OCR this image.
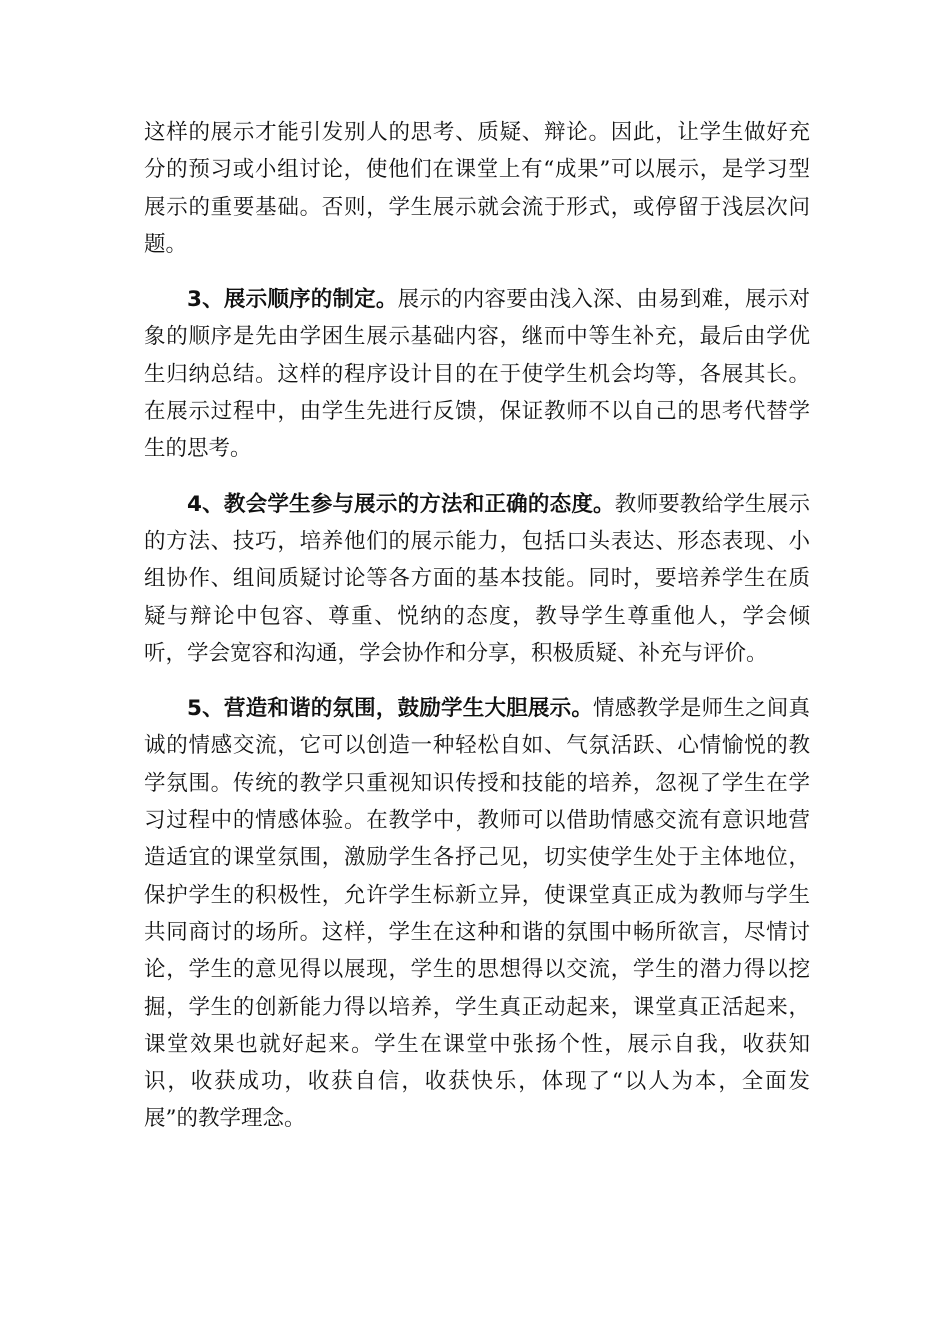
这样的展示才能引发别人的思考、质疑、辩论。因此，让学生做好充分的预习或小组讨论，使他们在课堂上有“成果”可以展示，是学习型展示的重要基础。否则，学生展示就会流于形式，或停留于浅层次问题。

3、展示顺序的制定。展示的内容要由浅入深、由易到难，展示对象的顺序是先由学困生展示基础内容，继而中等生补充，最后由学优生归纳总结。这样的程序设计目的在于使学生机会均等，各展其长。在展示过程中，由学生先进行反馈，保证教师不以自己的思考代替学生的思考。

4、教会学生参与展示的方法和正确的态度。教师要教给学生展示的方法、技巧，培养他们的展示能力，包括口头表达、形态表现、小组协作、组间质疑讨论等各方面的基本技能。同时，要培养学生在质疑与辩论中包容、尊重、悦纳的态度，教导学生尊重他人，学会倾听，学会宽容和沟通，学会协作和分享，积极质疑、补充与评价。

5、营造和谐的氛围，鼓励学生大胆展示。情感教学是师生之间真诚的情感交流，它可以创造一种轻松自如、气氛活跃、心情愉悦的教学氛围。传统的教学只重视知识传授和技能的培养，忽视了学生在学习过程中的情感体验。在教学中，教师可以借助情感交流有意识地营造适宜的课堂氛围，激励学生各抒己见，切实使学生处于主体地位，保护学生的积极性，允许学生标新立异，使课堂真正成为教师与学生共同商讨的场所。这样，学生在这种和谐的氛围中畅所欲言，尽情讨论，学生的意见得以展现，学生的思想得以交流，学生的潜力得以挖掘，学生的创新能力得以培养，学生真正动起来，课堂真正活起来，课堂效果也就好起来。学生在课堂中张扬个性，展示自我，收获知识，收获成功，收获自信，收获快乐，体现了“以人为本，全面发展”的教学理念。
